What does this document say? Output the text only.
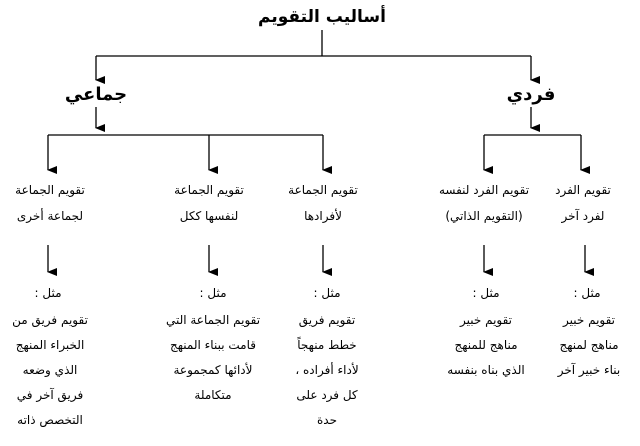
أساليب التقويم
فردي
جماعي
تقويم الفرد
لفرد آخر
مثل :
تقويم خبير
مناهج لمنهج
بناء خبير آخر
تقويم الفرد لنفسه
(التقويم الذاتي)
مثل :
تقويم خبير
مناهج للمنهج
الذي بناه بنفسه
تقويم الجماعة
لأفرادها
مثل :
تقويم فريق
خطط منهجاً
لأداء أفراده ،
كل فرد على
حدة
تقويم الجماعة
لنفسها ككل
مثل :
تقويم الجماعة التي
قامت ببناء المنهج
لأدائها كمجموعة
متكاملة
تقويم الجماعة
لجماعة أخرى
مثل :
تقويم فريق من
الخبراء المنهج
الذي وضعه
فريق آخر في
التخصص ذاته
